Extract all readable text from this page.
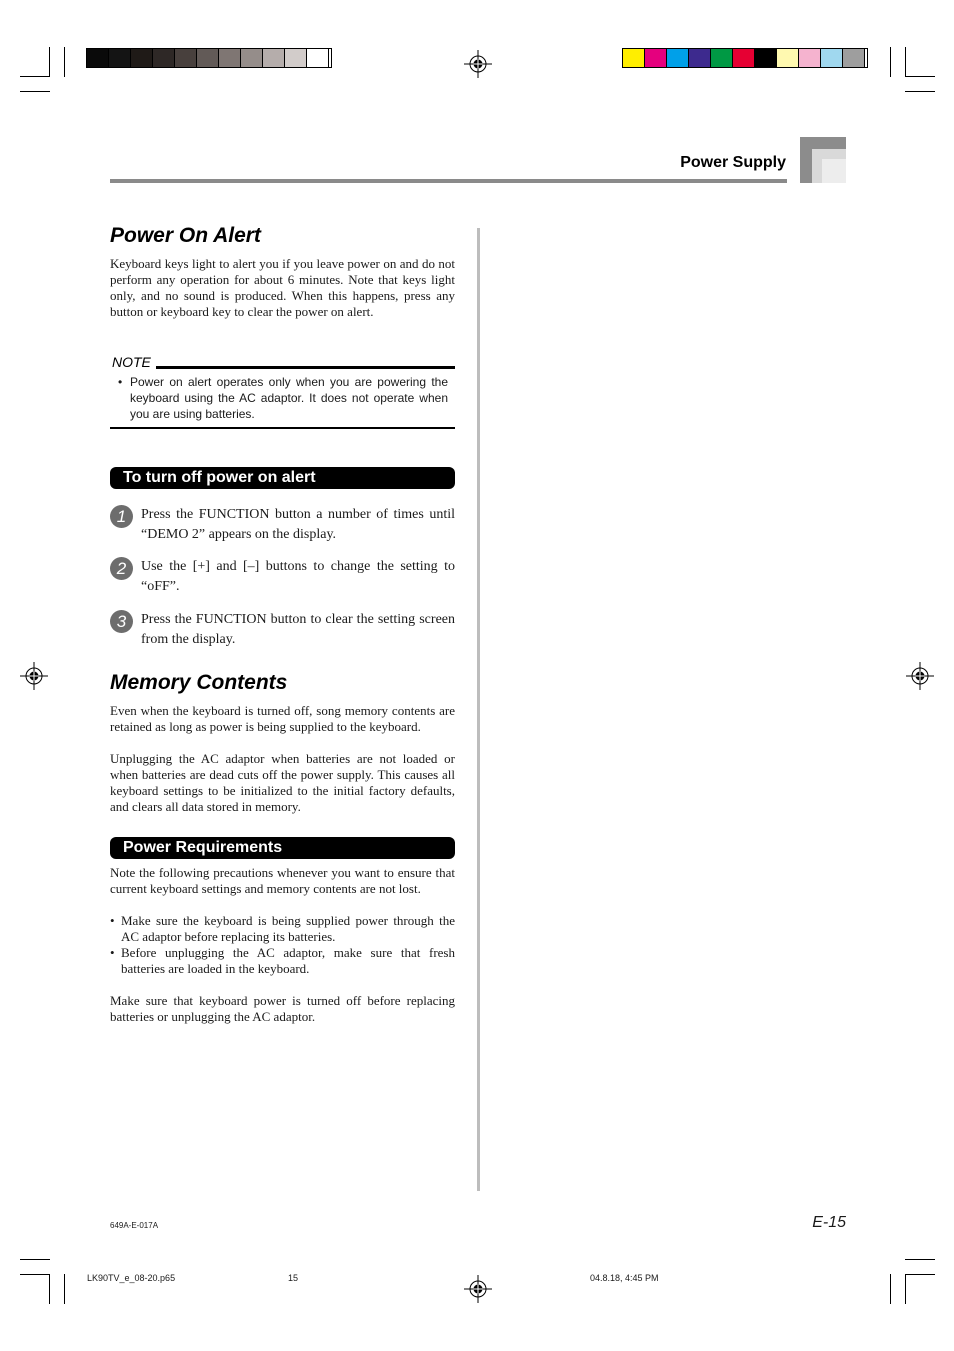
Power Supply
Power On Alert

Keyboard keys light to alert you if you leave power on and do not perform any operation for about 6 minutes. Note that keys light only, and no sound is produced. When this happens, press any button or keyboard key to clear the power on alert.

NOTE
• Power on alert operates only when you are powering the keyboard using the AC adaptor. It does not operate when you are using batteries.
To turn off power on alert
1	Press the FUNCTION button a number of times until “DEMO 2” appears on the display.
2	Use the [+] and [–] buttons to change the setting to “oFF”.
3	Press the FUNCTION button to clear the setting screen from the display.
Memory Contents

Even when the keyboard is turned off, song memory contents are retained as long as power is being supplied to the keyboard.

Unplugging the AC adaptor when batteries are not loaded or when batteries are dead cuts off the power supply. This causes all keyboard settings to be initialized to the initial factory defaults, and clears all data stored in memory.

Power Requirements

Note the following precautions whenever you want to ensure that current keyboard settings and memory contents are not lost.

• Make sure the keyboard is being supplied power through the AC adaptor before replacing its batteries.
• Before unplugging the AC adaptor, make sure that fresh batteries are loaded in the keyboard.

Make sure that keyboard power is turned off before replacing batteries or unplugging the AC adaptor.

649A-E-017A	E-15
LK90TV_e_08-20.p65	15	04.8.18, 4:45 PM
